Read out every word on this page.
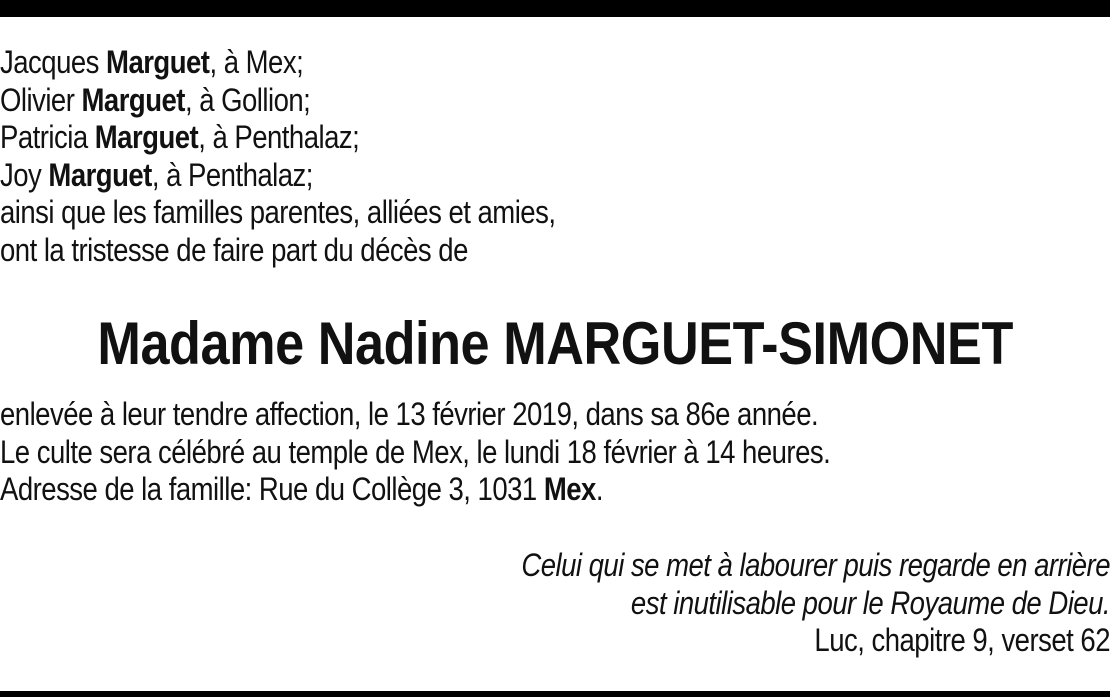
Jacques Marguet, à Mex;
Olivier Marguet, à Gollion;
Patricia Marguet, à Penthalaz;
Joy Marguet, à Penthalaz;
ainsi que les familles parentes, alliées et amies,
ont la tristesse de faire part du décès de
Madame Nadine MARGUET-SIMONET
enlevée à leur tendre affection, le 13 février 2019, dans sa 86e année.
Le culte sera célébré au temple de Mex, le lundi 18 février à 14 heures.
Adresse de la famille: Rue du Collège 3, 1031 Mex.
Celui qui se met à labourer puis regarde en arrière
est inutilisable pour le Royaume de Dieu.
Luc, chapitre 9, verset 62
